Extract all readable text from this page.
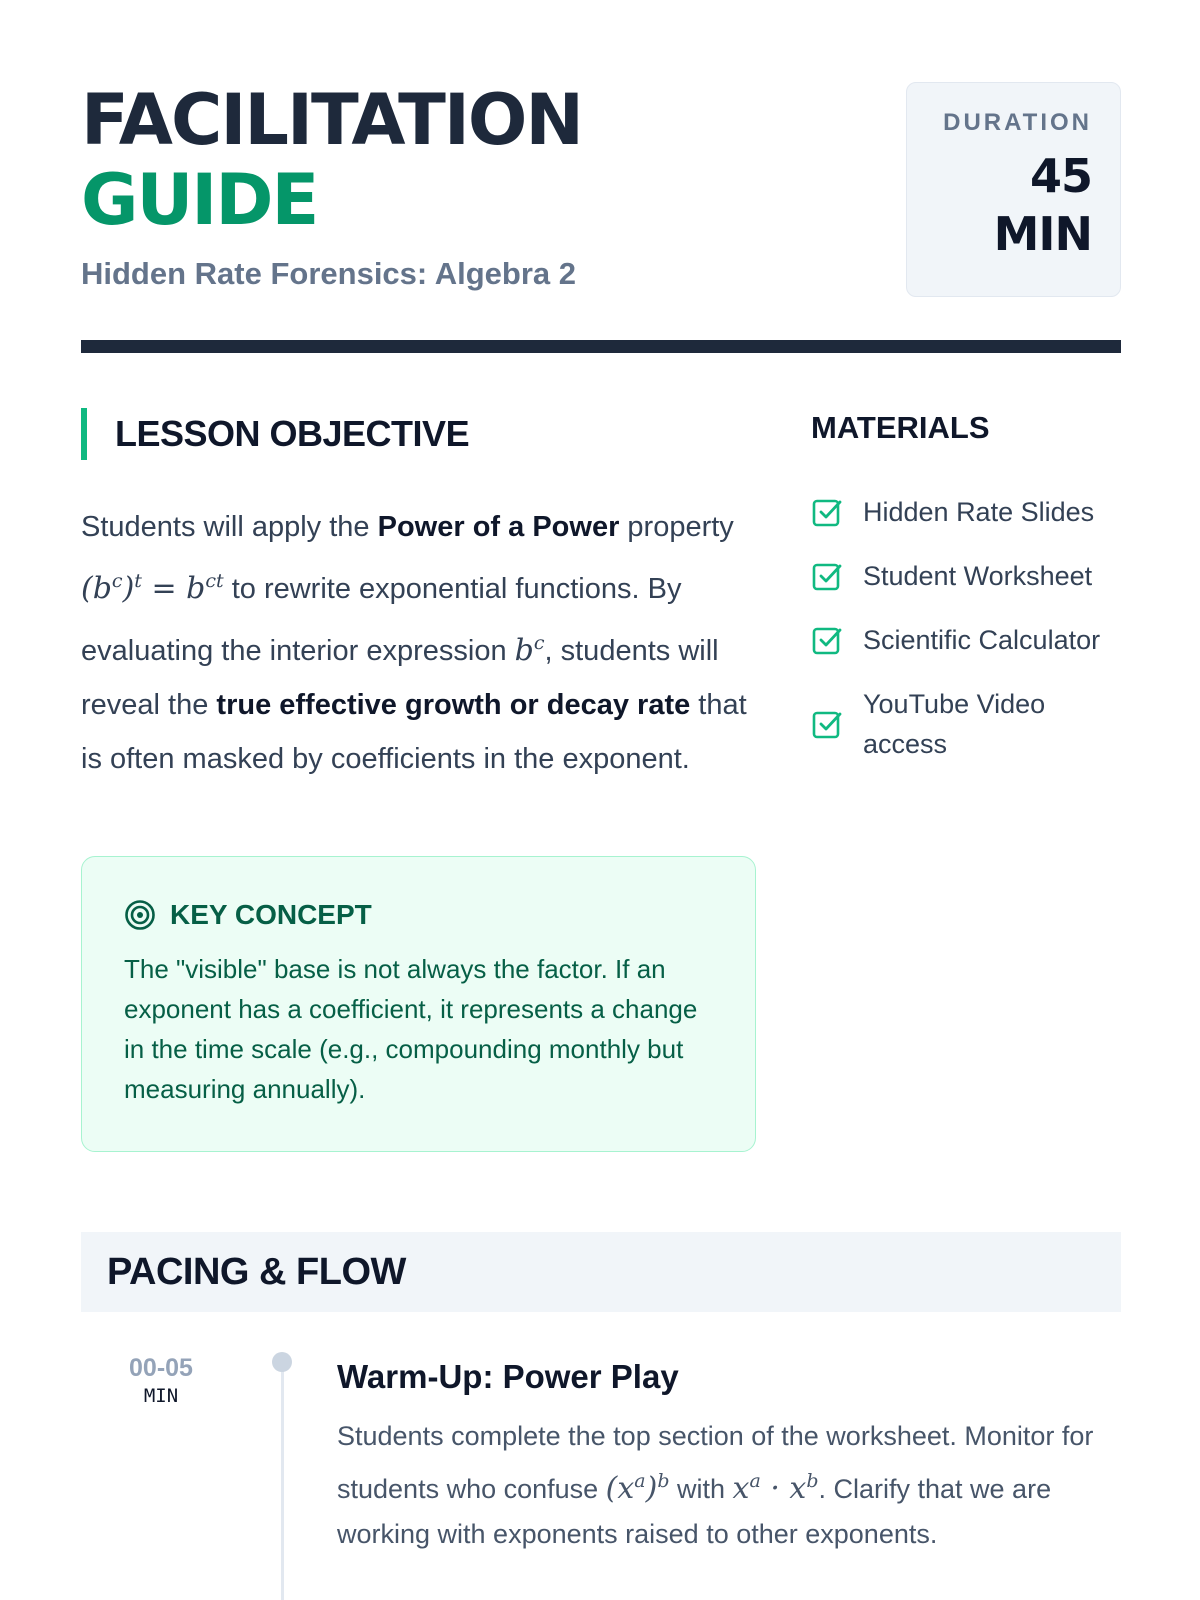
FACILITATION
GUIDE
Hidden Rate Forensics: Algebra 2
DURATION
45
MIN
LESSON OBJECTIVE

Students will apply the Power of a Power property $(b^c)^t = b^{ct}$ to rewrite exponential functions. By evaluating the interior expression $b^c$, students will reveal the true effective growth or decay rate that is often masked by coefficients in the exponent.

KEY CONCEPT

The "visible" base is not always the factor. If an exponent has a coefficient, it represents a change in the time scale (e.g., compounding monthly but measuring annually).

MATERIALS
Hidden Rate Slides
Student Worksheet
Scientific Calculator
YouTube Video access
PACING & FLOW
00-05
MIN
Warm-Up: Power Play

Students complete the top section of the worksheet. Monitor for students who confuse $(x^a)^b$ with $x^a \cdot x^b$. Clarify that we are working with exponents raised to other exponents.
